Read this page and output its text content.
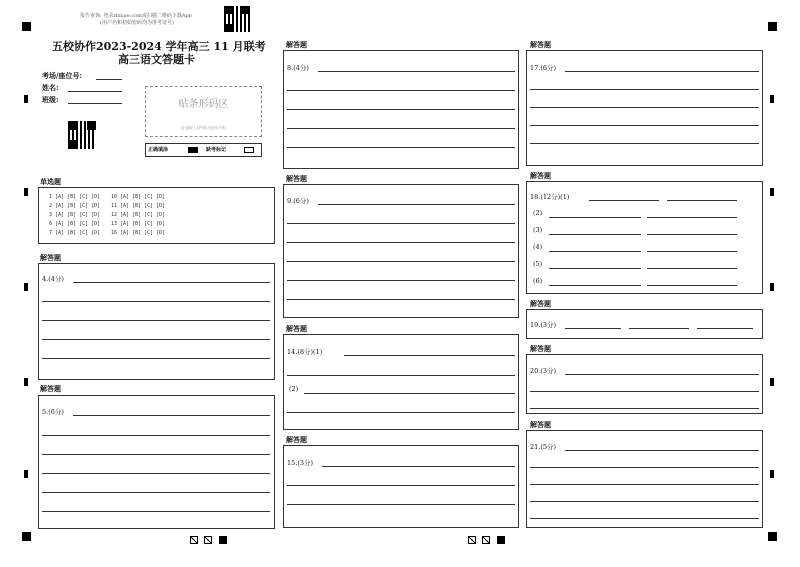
报告查询: 登录zhixue.com或扫描二维码下载App
(用户名和初始密码均为准考证号)
五校协作2023-2024 学年高三 11 月联考
高三语文答题卡
考场/座位号:
姓名:
班级:	贴条形码区
(正面朝上,切勿贴出虚线方框)
正确填涂	缺考标记
单选题
1 [A] [B] [C] [D]
2 [A] [B] [C] [D]
3 [A] [B] [C] [D]
6 [A] [B] [C] [D]
7 [A] [B] [C] [D]
10 [A] [B] [C] [D]
11 [A] [B] [C] [D]
12 [A] [B] [C] [D]
13 [A] [B] [C] [D]
16 [A] [B] [C] [D]
解答题
4.(4分)
解答题
5.(6分)
解答题
8.(4分)
解答题
9.(6分)
解答题
14.(8分)(1)
(2)
解答题
15.(3分)
解答题
17.(6分)
解答题
18.(12分)(1)
(2)
(3)
(4)
(5)
(6)
解答题
19.(3分)
解答题
20.(3分)
解答题
21.(5分)
